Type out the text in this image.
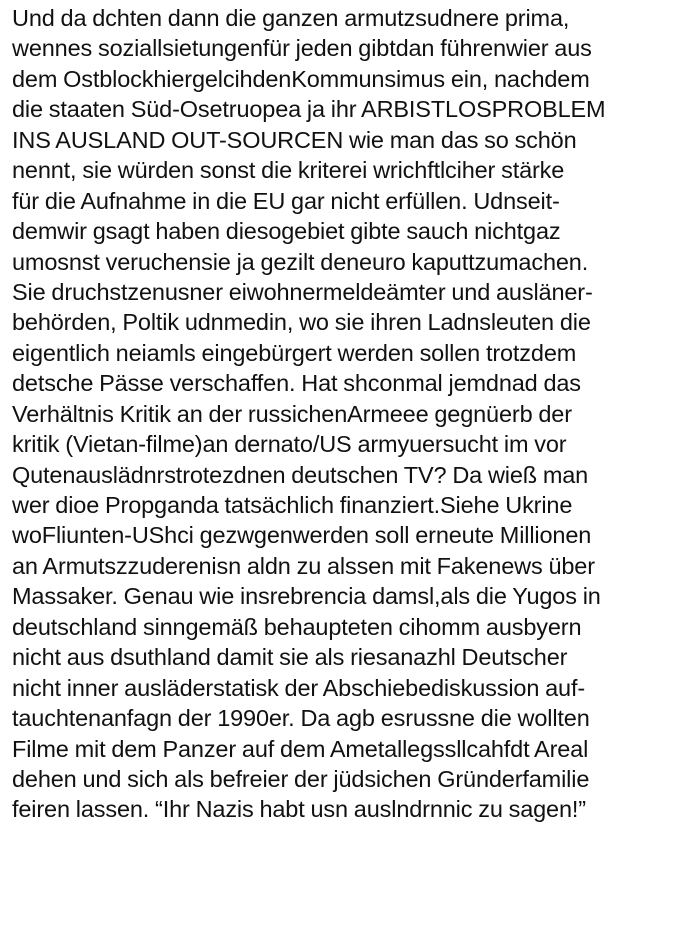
Und da dchten dann die ganzen armutzsudnere prima,
wennes soziallsietungenfür jeden gibtdan führenwier aus
dem OstblockhiergelcihdenKommunsimus ein, nachdem
die staaten Süd-Osetruopea ja ihr ARBISTLOSPROBLEM
INS AUSLAND OUT-SOURCEN wie man das so schön
nennt, sie würden sonst die kriterei wrichftlciher stärke
für die Aufnahme in die EU gar nicht erfüllen. Udnseit-
demwir gsagt haben diesogebiet gibte sauch nichtgaz
umosnst veruchensie ja gezilt deneuro kaputtzumachen.
Sie druchstzenusner eiwohnermeldeämter und ausläner-
behörden, Poltik udnmedin, wo sie ihren Ladnsleuten die
eigentlich neiamls eingebürgert werden sollen trotzdem
detsche Pässe verschaffen. Hat shconmal jemdnad das
Verhältnis Kritik an der russichenArmeee gegnüerb der
kritik (Vietan-filme)an dernato/US armyuersucht im vor
Qutenauslädnrstrotezdnen deutschen TV? Da wieß man
wer dioe Propganda tatsächlich finanziert.Siehe Ukrine
woFliunten-UShci gezwgenwerden soll erneute Millionen
an Armutszzuderenisn aldn zu alssen mit Fakenews über
Massaker. Genau wie insrebrencia damsl,als die Yugos in
deutschland sinngemäß behaupteten cihomm ausbyern
nicht aus dsuthland damit sie als riesanazhl Deutscher
nicht inner ausläderstatisk der Abschiebediskussion auf-
tauchtenanfagn der 1990er. Da agb esrussne die wollten
Filme mit dem Panzer auf dem Ametallegssllcahfdt Areal
dehen und sich als befreier der jüdsichen Gründerfamilie
feiren lassen. “Ihr Nazis habt usn auslndrnnic zu sagen!”
